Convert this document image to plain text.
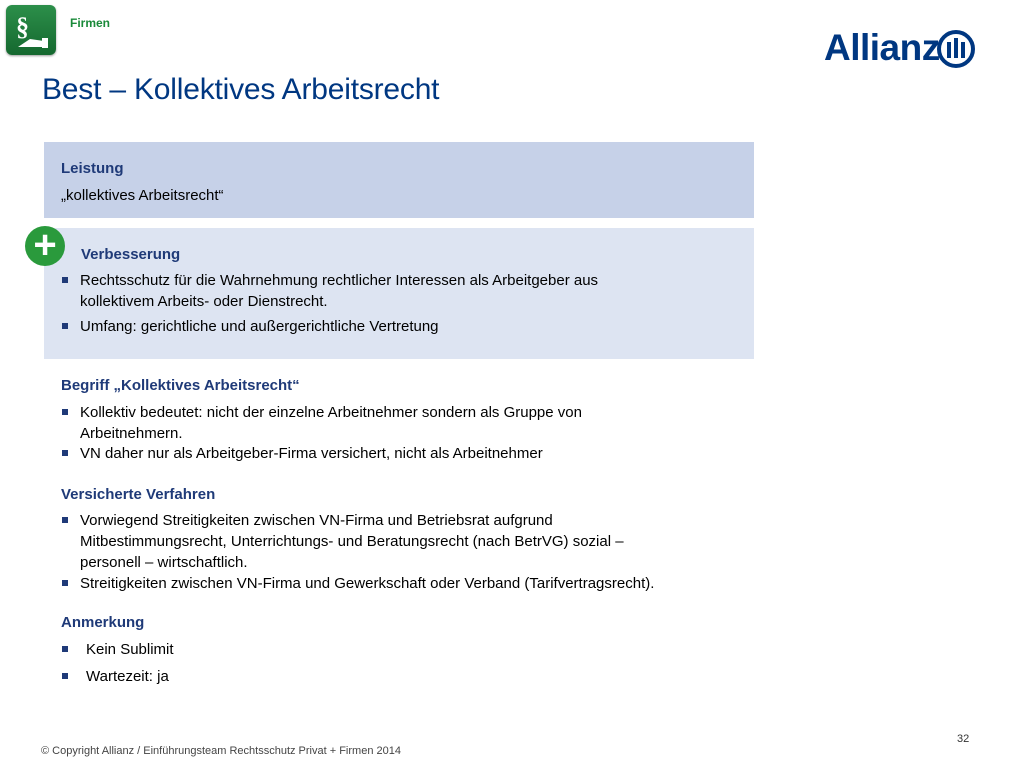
§	Firmen
Allianz
Best – Kollektives Arbeitsrecht
Leistung
„kollektives Arbeitsrecht“
+	Verbesserung
Rechtsschutz für die Wahrnehmung rechtlicher Interessen als Arbeitgeber aus
kollektivem Arbeits- oder Dienstrecht.
Umfang: gerichtliche und außergerichtliche Vertretung
Begriff „Kollektives Arbeitsrecht“
Kollektiv bedeutet: nicht der einzelne Arbeitnehmer sondern als Gruppe von
Arbeitnehmern.
VN daher nur als Arbeitgeber-Firma versichert, nicht als Arbeitnehmer
Versicherte Verfahren
Vorwiegend Streitigkeiten zwischen VN-Firma und Betriebsrat aufgrund
Mitbestimmungsrecht, Unterrichtungs- und Beratungsrecht (nach BetrVG) sozial –
personell – wirtschaftlich.
Streitigkeiten zwischen VN-Firma und Gewerkschaft oder Verband (Tarifvertragsrecht).
Anmerkung
Kein Sublimit
Wartezeit: ja
© Copyright Allianz / Einführungsteam Rechtsschutz Privat + Firmen 2014
32
